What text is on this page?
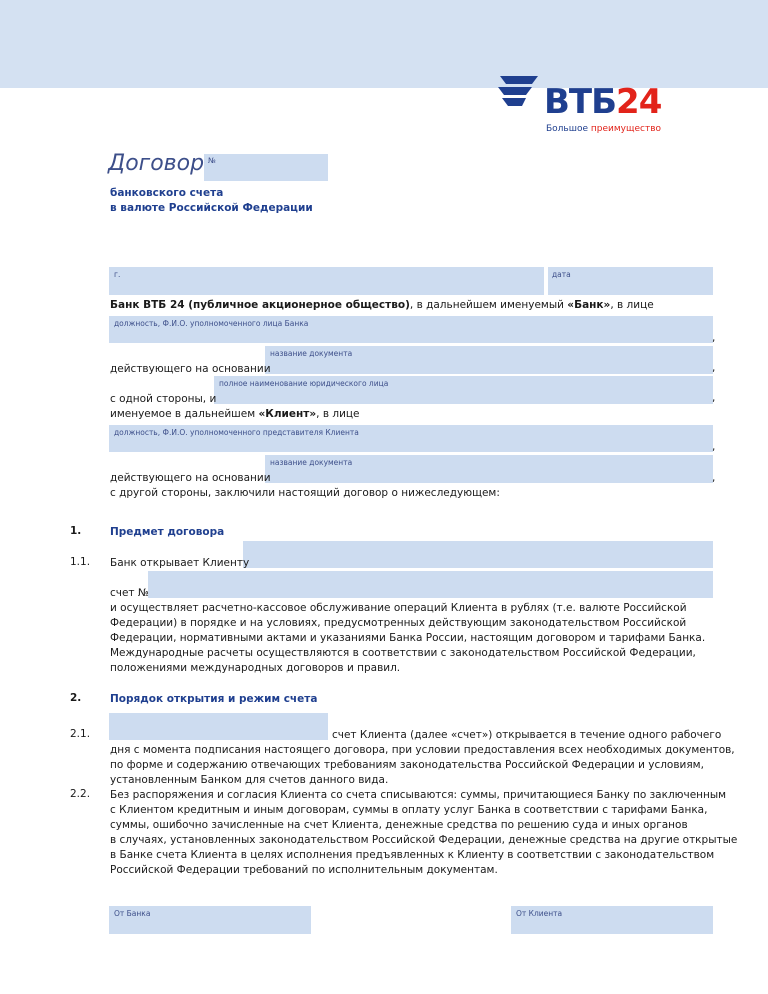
ВТБ24
Большое преимущество
Договор №
банковского счета
в валюте Российской Федерации
г.	дата
Банк ВТБ 24 (публичное акционерное общество), в дальнейшем именуемый «Банк», в лице
должность, Ф.И.О. уполномоченного лица Банка
,
название документа
действующего на основании	,
полное наименование юридического лица
с одной стороны, и	,
именуемое в дальнейшем «Клиент», в лице
должность, Ф.И.О. уполномоченного представителя Клиента
,
название документа
действующего на основании	,
с другой стороны, заключили настоящий договор о нижеследующем:
1.	Предмет договора
1.1. Банк открывает Клиенту
счет №
и осуществляет расчетно-кассовое обслуживание операций Клиента в рублях (т.е. валюте Российской
Федерации) в порядке и на условиях, предусмотренных действующим законодательством Российской
Федерации, нормативными актами и указаниями Банка России, настоящим договором и тарифами Банка.
Международные расчеты осуществляются в соответствии с законодательством Российской Федерации,
положениями международных договоров и правил.
2.	Порядок открытия и режим счета
2.1.	счет Клиента (далее «счет») открывается в течение одного рабочего
дня с момента подписания настоящего договора, при условии предоставления всех необходимых документов,
по форме и содержанию отвечающих требованиям законодательства Российской Федерации и условиям,
установленным Банком для счетов данного вида.
2.2. Без распоряжения и согласия Клиента со счета списываются: суммы, причитающиеся Банку по заключенным
с Клиентом кредитным и иным договорам, суммы в оплату услуг Банка в соответствии с тарифами Банка,
суммы, ошибочно зачисленные на счет Клиента, денежные средства по решению суда и иных органов
в случаях, установленных законодательством Российской Федерации, денежные средства на другие открытые
в Банке счета Клиента в целях исполнения предъявленных к Клиенту в соответствии с законодательством
Российской Федерации требований по исполнительным документам.
От Банка	От Клиента
